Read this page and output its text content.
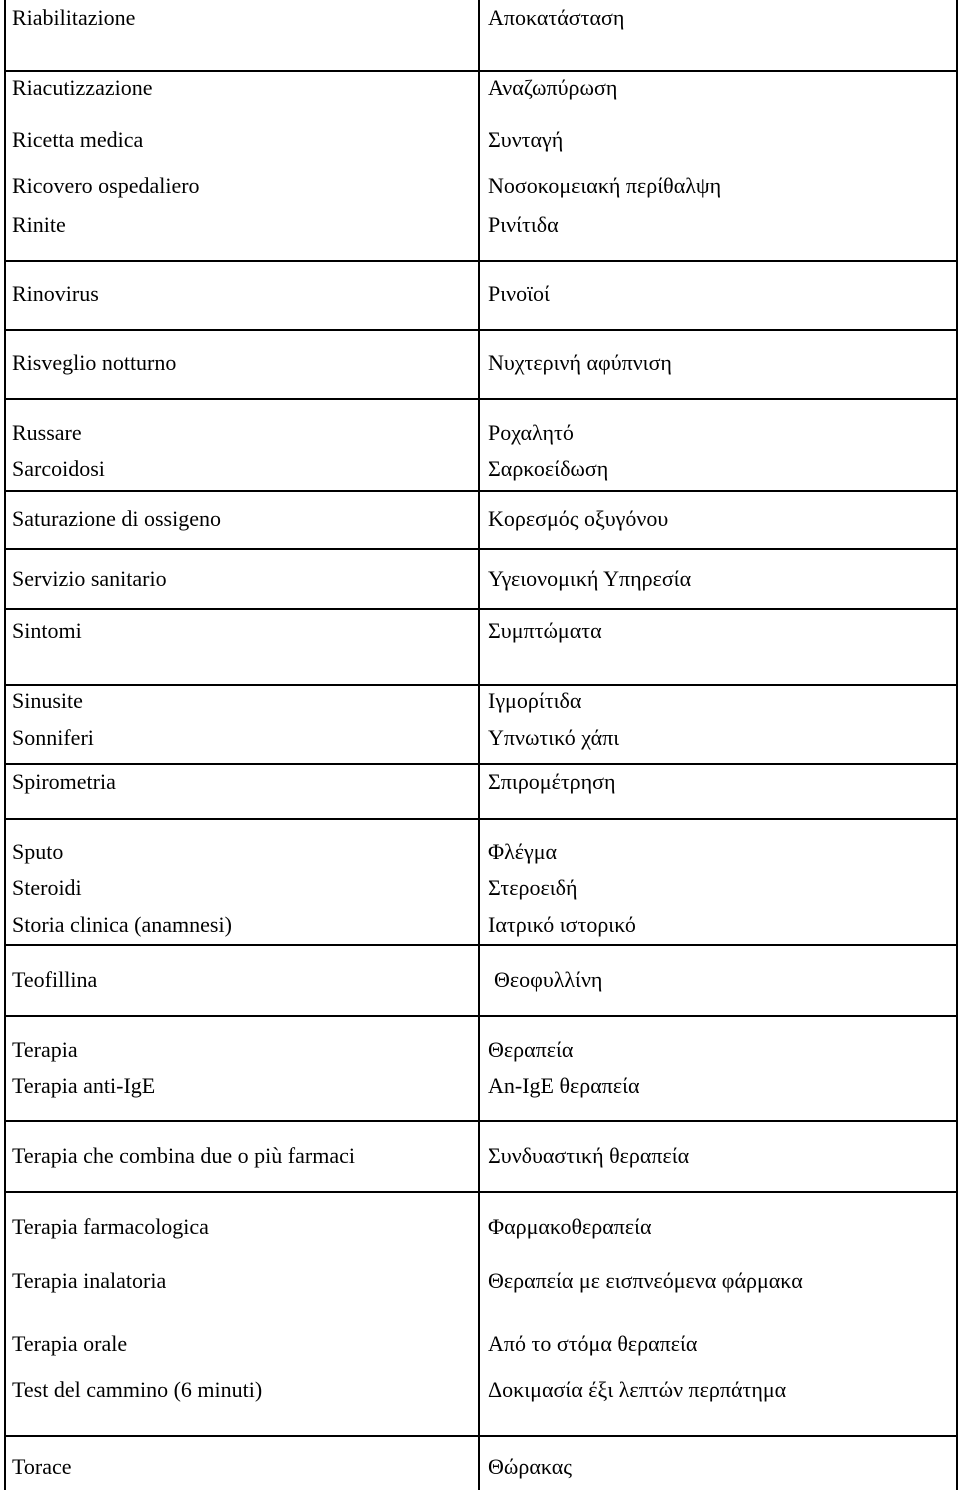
Riabilitazione
Riacutizzazione
Ricetta medica
Ricovero ospedaliero
Rinite
Rinovirus
Risveglio notturno
Russare
Sarcoidosi
Saturazione di ossigeno
Servizio sanitario
Sintomi
Sinusite
Sonniferi
Spirometria
Sputo
Steroidi
Storia clinica (anamnesi)
Teofillina
Terapia
Terapia anti-IgE
Terapia che combina due o più farmaci
Terapia farmacologica
Terapia inalatoria
Terapia orale
Test del cammino (6 minuti)
Torace
Αποκατάσταση
Αναζωπύρωση
Συνταγή
Νοσοκομειακή περίθαλψη
Ρινίτιδα
Ρινοϊοί
Νυχτερινή αφύπνιση
Ροχαλητό
Σαρκοείδωση
Κορεσμός οξυγόνου
Υγειονομική Υπηρεσία
Συμπτώματα
Ιγμορίτιδα
Υπνωτικό χάπι
Σπιρομέτρηση
Φλέγμα
Στεροειδή
Ιατρικό ιστορικό
Θεοφυλλίνη
Θεραπεία
An-IgE θεραπεία
Συνδυαστική θεραπεία
Φαρμακοθεραπεία
Θεραπεία με εισπνεόμενα φάρμακα
Από το στόμα θεραπεία
Δοκιμασία έξι λεπτών περπάτημα
Θώρακας
